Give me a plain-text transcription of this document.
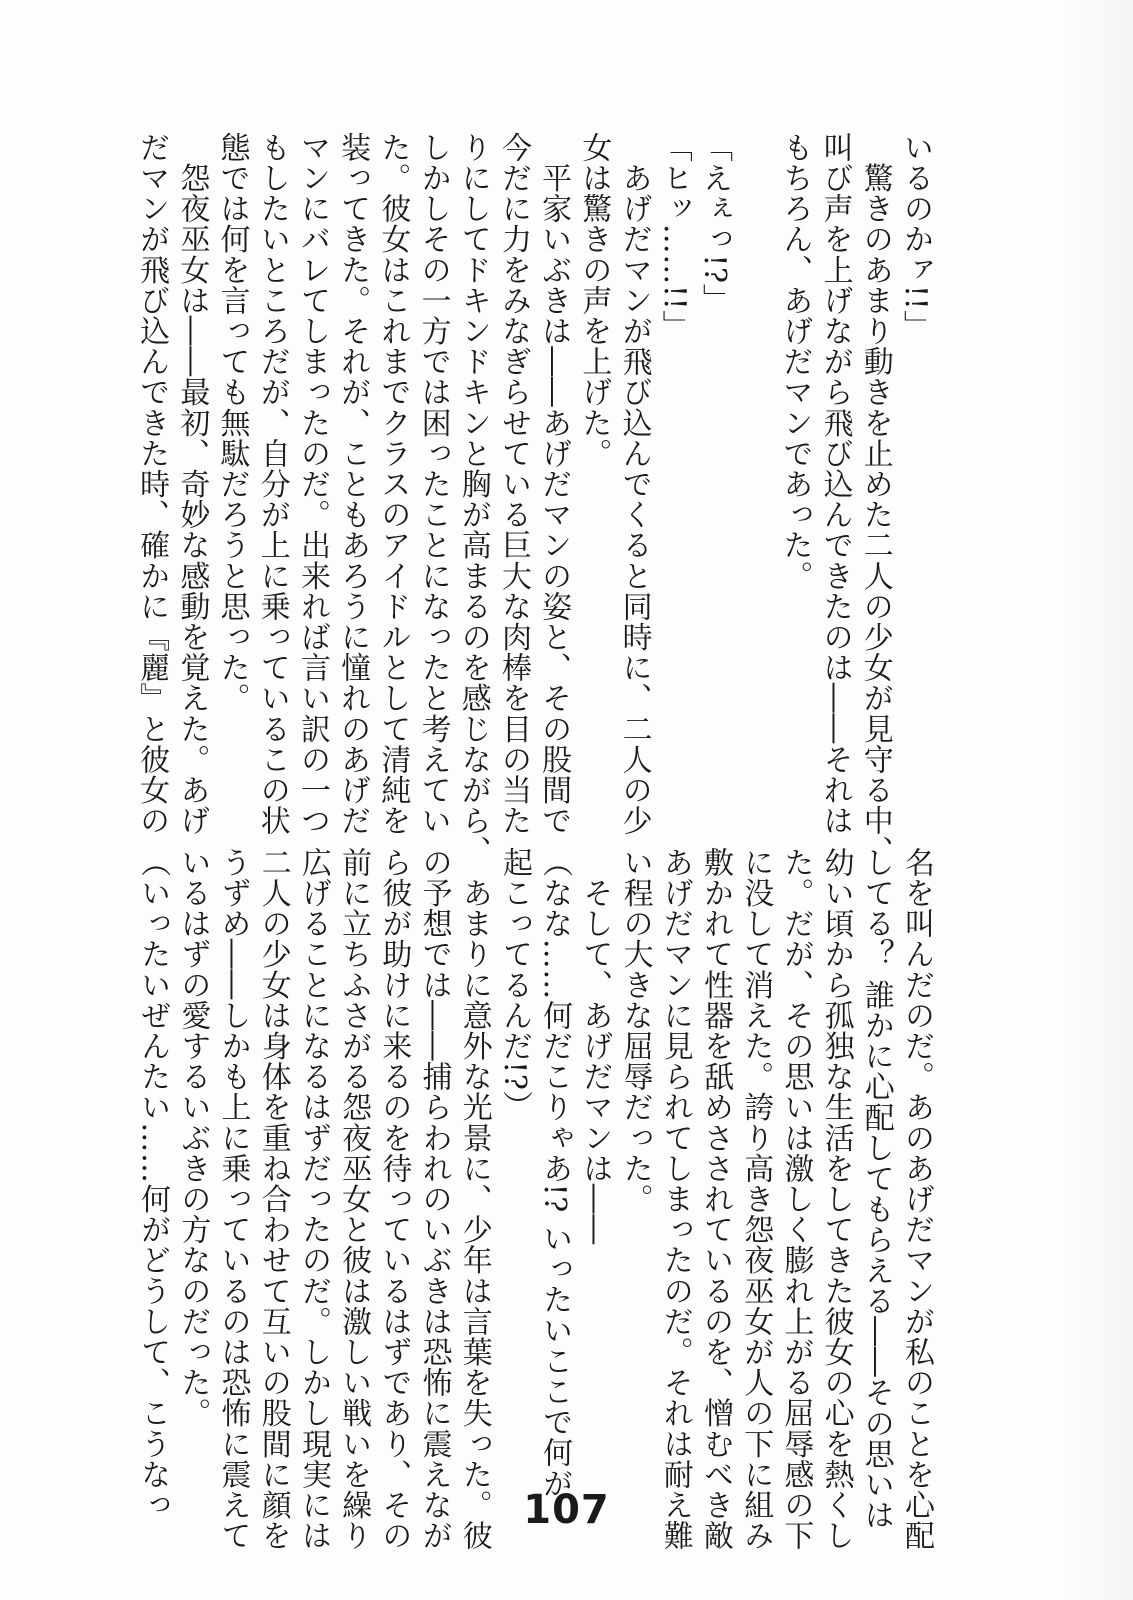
いるのかァ!!」

　驚きのあまり動きを止めた二人の少女が見守る中、

叫び声を上げながら飛び込んできたのは――それは

もちろん、あげだマンであった。

「えぇっ!?」

「ヒッ……!!」

　あげだマンが飛び込んでくると同時に、二人の少

女は驚きの声を上げた。

　平家いぶきは――あげだマンの姿と、その股間で

今だに力をみなぎらせている巨大な肉棒を目の当た

りにしてドキンドキンと胸が高まるのを感じながら、

しかしその一方では困ったことになったと考えてい

た。彼女はこれまでクラスのアイドルとして清純を

装ってきた。それが、こともあろうに憧れのあげだ

マンにバレてしまったのだ。出来れば言い訳の一つ

もしたいところだが、自分が上に乗っているこの状

態では何を言っても無駄だろうと思った。

　怨夜巫女は――最初、奇妙な感動を覚えた。あげ

だマンが飛び込んできた時、確かに『麗』と彼女の

名を叫んだのだ。あのあげだマンが私のことを心配

してる？ 誰かに心配してもらえる――その思いは

幼い頃から孤独な生活をしてきた彼女の心を熱くし

た。だが、その思いは激しく膨れ上がる屈辱感の下

に没して消えた。誇り高き怨夜巫女が人の下に組み

敷かれて性器を舐めさされているのを、憎むべき敵

あげだマンに見られてしまったのだ。それは耐え難

い程の大きな屈辱だった。

　そして、あげだマンは――

（なな……何だこりゃあ!? いったいここで何が

起こってるんだ!?）

　あまりに意外な光景に、少年は言葉を失った。彼

の予想では――捕らわれのいぶきは恐怖に震えなが

ら彼が助けに来るのを待っているはずであり、その

前に立ちふさがる怨夜巫女と彼は激しい戦いを繰り

広げることになるはずだったのだ。しかし現実には

二人の少女は身体を重ね合わせて互いの股間に顔を

うずめ――しかも上に乗っているのは恐怖に震えて

いるはずの愛するいぶきの方なのだった。

（いったいぜんたい……何がどうして、こうなっ	107
